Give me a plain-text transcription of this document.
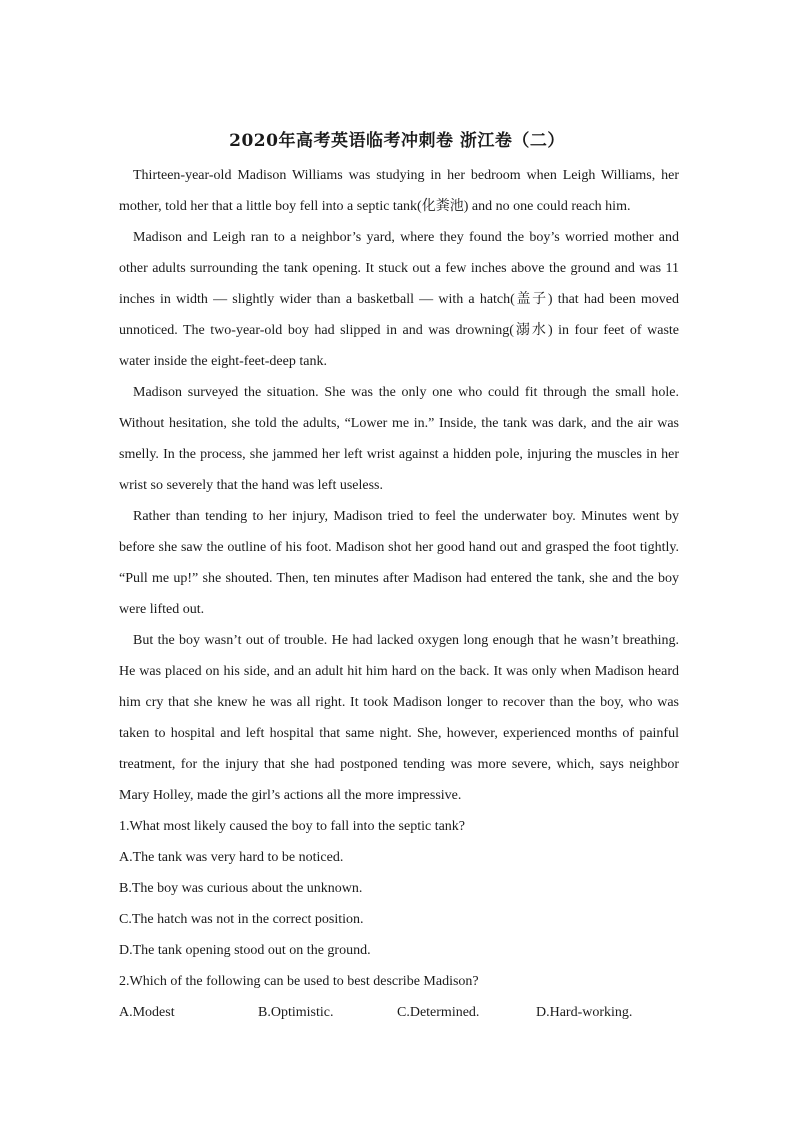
2020年高考英语临考冲刺卷 浙江卷（二）

Thirteen-year-old Madison Williams was studying in her bedroom when Leigh Williams, her mother, told her that a little boy fell into a septic tank(化粪池) and no one could reach him.

Madison and Leigh ran to a neighbor’s yard, where they found the boy’s worried mother and other adults surrounding the tank opening. It stuck out a few inches above the ground and was 11 inches in width — slightly wider than a basketball — with a hatch(盖子) that had been moved unnoticed. The two-year-old boy had slipped in and was drowning(溺水) in four feet of waste water inside the eight-feet-deep tank.

Madison surveyed the situation. She was the only one who could fit through the small hole. Without hesitation, she told the adults, “Lower me in.” Inside, the tank was dark, and the air was smelly. In the process, she jammed her left wrist against a hidden pole, injuring the muscles in her wrist so severely that the hand was left useless.

Rather than tending to her injury, Madison tried to feel the underwater boy. Minutes went by before she saw the outline of his foot. Madison shot her good hand out and grasped the foot tightly. “Pull me up!” she shouted. Then, ten minutes after Madison had entered the tank, she and the boy were lifted out.

But the boy wasn’t out of trouble. He had lacked oxygen long enough that he wasn’t breathing. He was placed on his side, and an adult hit him hard on the back. It was only when Madison heard him cry that she knew he was all right. It took Madison longer to recover than the boy, who was taken to hospital and left hospital that same night. She, however, experienced months of painful treatment, for the injury that she had postponed tending was more severe, which, says neighbor Mary Holley, made the girl’s actions all the more impressive.

1.What most likely caused the boy to fall into the septic tank?

A.The tank was very hard to be noticed.

B.The boy was curious about the unknown.

C.The hatch was not in the correct position.

D.The tank opening stood out on the ground.

2.Which of the following can be used to best describe Madison?

A.Modest	B.Optimistic.	C.Determined.	D.Hard-working.
